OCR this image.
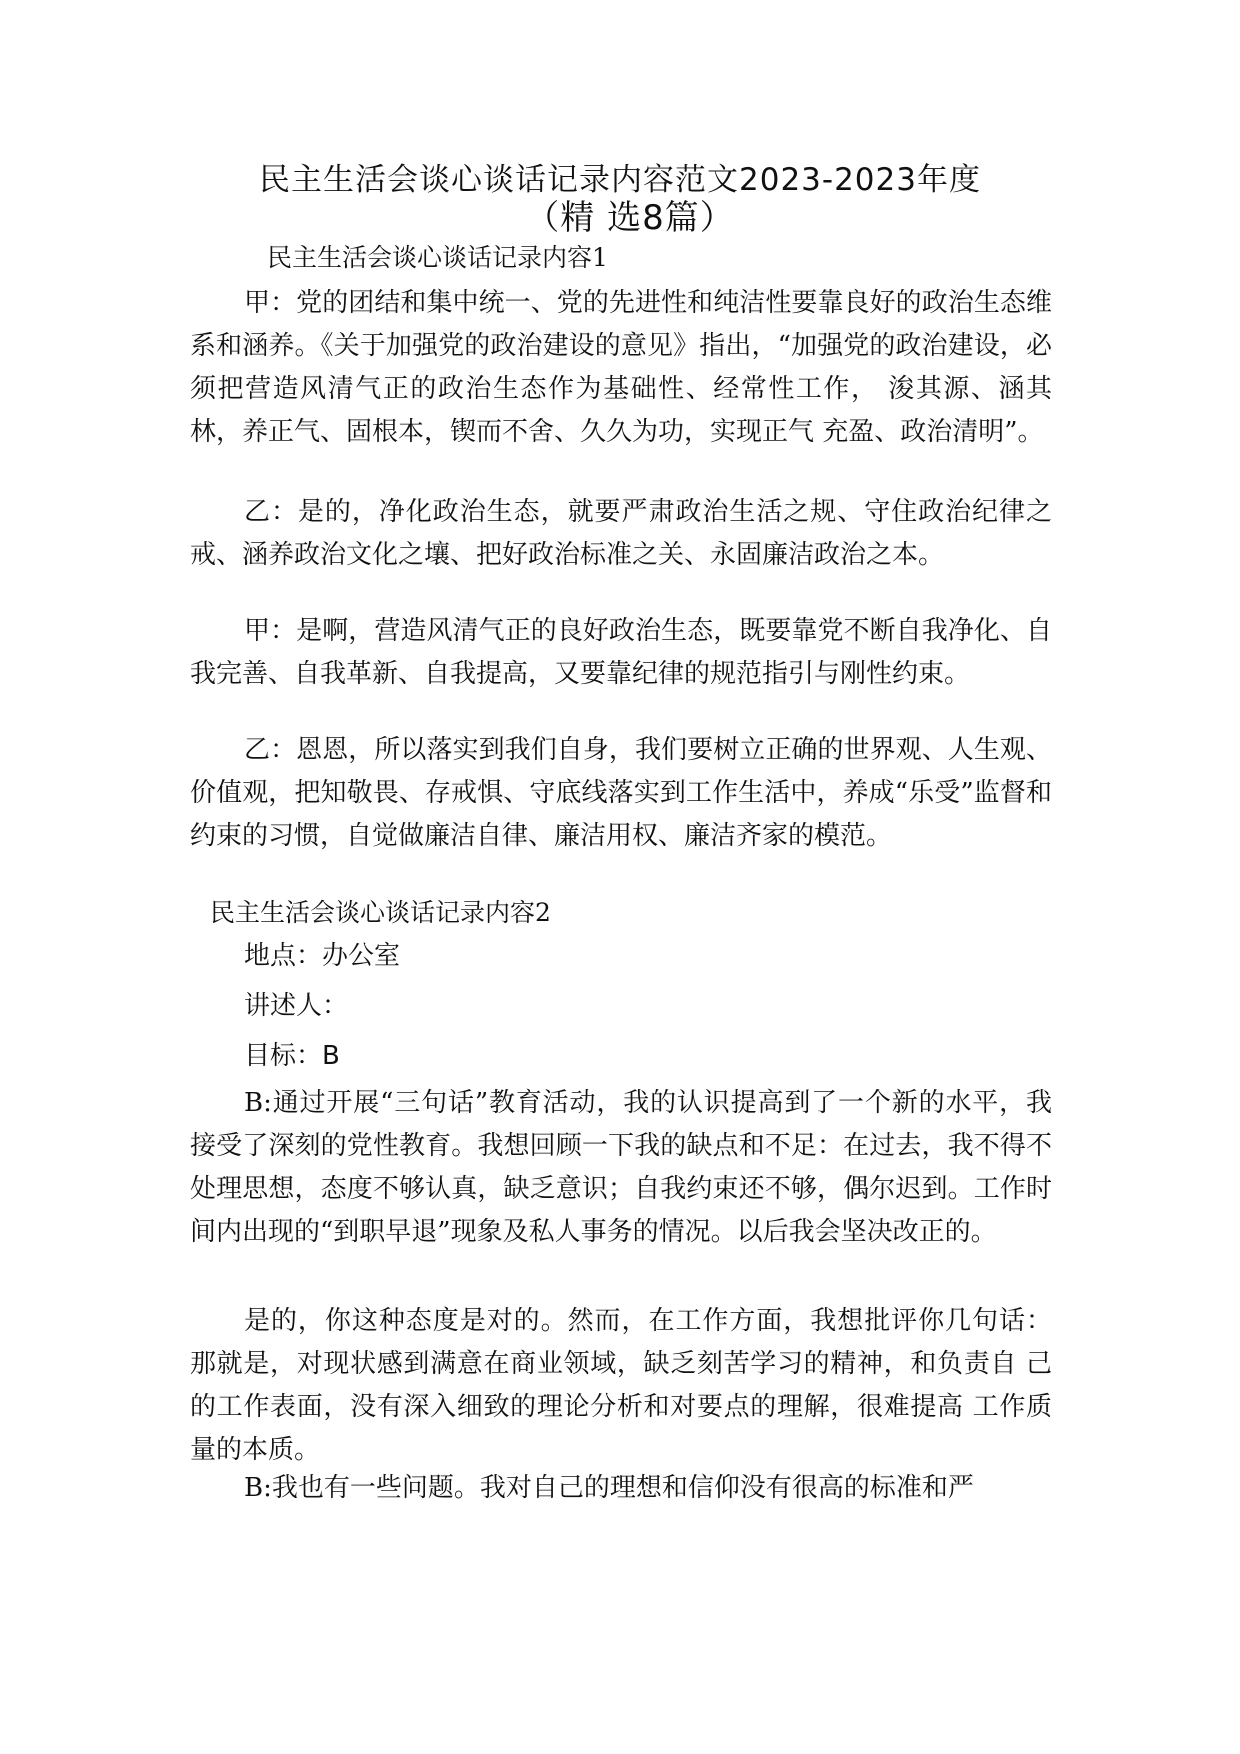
民主生活会谈心谈话记录内容范文2023-2023年度
（精 选8篇）
民主生活会谈心谈话记录内容1

甲：党的团结和集中统一、党的先进性和纯洁性要靠良好的政治生态维系和涵养。《关于加强党的政治建设的意见》指出，“加强党的政治建设，必须把营造风清气正的政治生态作为基础性、经常性工作， 浚其源、涵其林，养正气、固根本，锲而不舍、久久为功，实现正气 充盈、政治清明”。

乙：是的，净化政治生态，就要严肃政治生活之规、守住政治纪律之戒、涵养政治文化之壤、把好政治标准之关、永固廉洁政治之本。

甲：是啊，营造风清气正的良好政治生态，既要靠党不断自我净化、自我完善、自我革新、自我提高，又要靠纪律的规范指引与刚性约束。

乙：恩恩，所以落实到我们自身，我们要树立正确的世界观、人生观、价值观，把知敬畏、存戒惧、守底线落实到工作生活中，养成“乐受”监督和约束的习惯，自觉做廉洁自律、廉洁用权、廉洁齐家的模范。

民主生活会谈心谈话记录内容2

地点：办公室

讲述人：

目标：B

B:通过开展“三句话”教育活动，我的认识提高到了一个新的水平，我接受了深刻的党性教育。我想回顾一下我的缺点和不足：在过去，我不得不处理思想，态度不够认真，缺乏意识；自我约束还不够，偶尔迟到。工作时间内出现的“到职早退”现象及私人事务的情况。以后我会坚决改正的。

是的，你这种态度是对的。然而，在工作方面，我想批评你几句话： 那就是，对现状感到满意在商业领域，缺乏刻苦学习的精神，和负责自 己的工作表面，没有深入细致的理论分析和对要点的理解，很难提高 工作质量的本质。

B:我也有一些问题。我对自己的理想和信仰没有很高的标准和严
